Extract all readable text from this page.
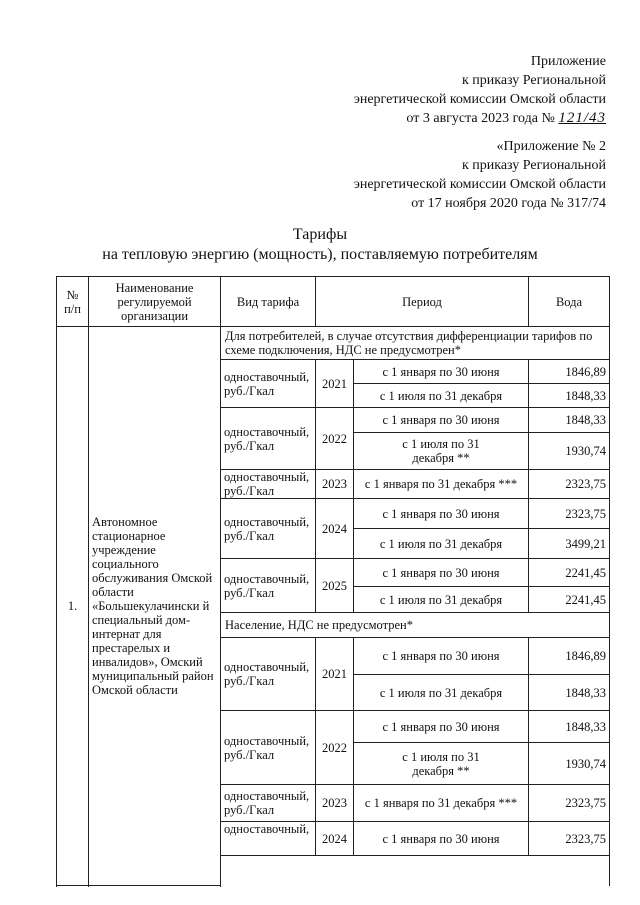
Приложение
к приказу Региональной
энергетической комиссии Омской области
от 3 августа 2023 года № 121/43
«Приложение № 2
к приказу Региональной
энергетической комиссии Омской области
от 17 ноября 2020 года № 317/74
Тарифы
на тепловую энергию (мощность), поставляемую потребителям
№ п/п	Наименование регулируемой организации	Вид тарифа	Период		Вода
1.	Автономное стационарное учреждение социального обслуживания Омской области «Большекулачински й специальный дом-интернат для престарелых и инвалидов», Омский муниципальный район Омской области	Для потребителей, в случае отсутствия дифференциации тарифов по схеме подключения, НДС не предусмотрен*			
		одноставочный, руб./Гкал	2021	с 1 января по 30 июня	1846,89
				с 1 июля по 31 декабря	1848,33
		одноставочный, руб./Гкал	2022	с 1 января по 30 июня	1848,33
				с 1 июля по 31 декабря **	1930,74
		одноставочный, руб./Гкал	2023	с 1 января по 31 декабря ***	2323,75
		одноставочный, руб./Гкал	2024	с 1 января по 30 июня	2323,75
				с 1 июля по 31 декабря	3499,21
		одноставочный, руб./Гкал	2025	с 1 января по 30 июня	2241,45
				с 1 июля по 31 декабря	2241,45
		Население, НДС не предусмотрен*			
		одноставочный, руб./Гкал	2021	с 1 января по 30 июня	1846,89
				с 1 июля по 31 декабря	1848,33
		одноставочный, руб./Гкал	2022	с 1 января по 30 июня	1848,33
				с 1 июля по 31 декабря **	1930,74
		одноставочный, руб./Гкал	2023	с 1 января по 31 декабря ***	2323,75
		одноставочный,	2024	с 1 января по 30 июня	2323,75
